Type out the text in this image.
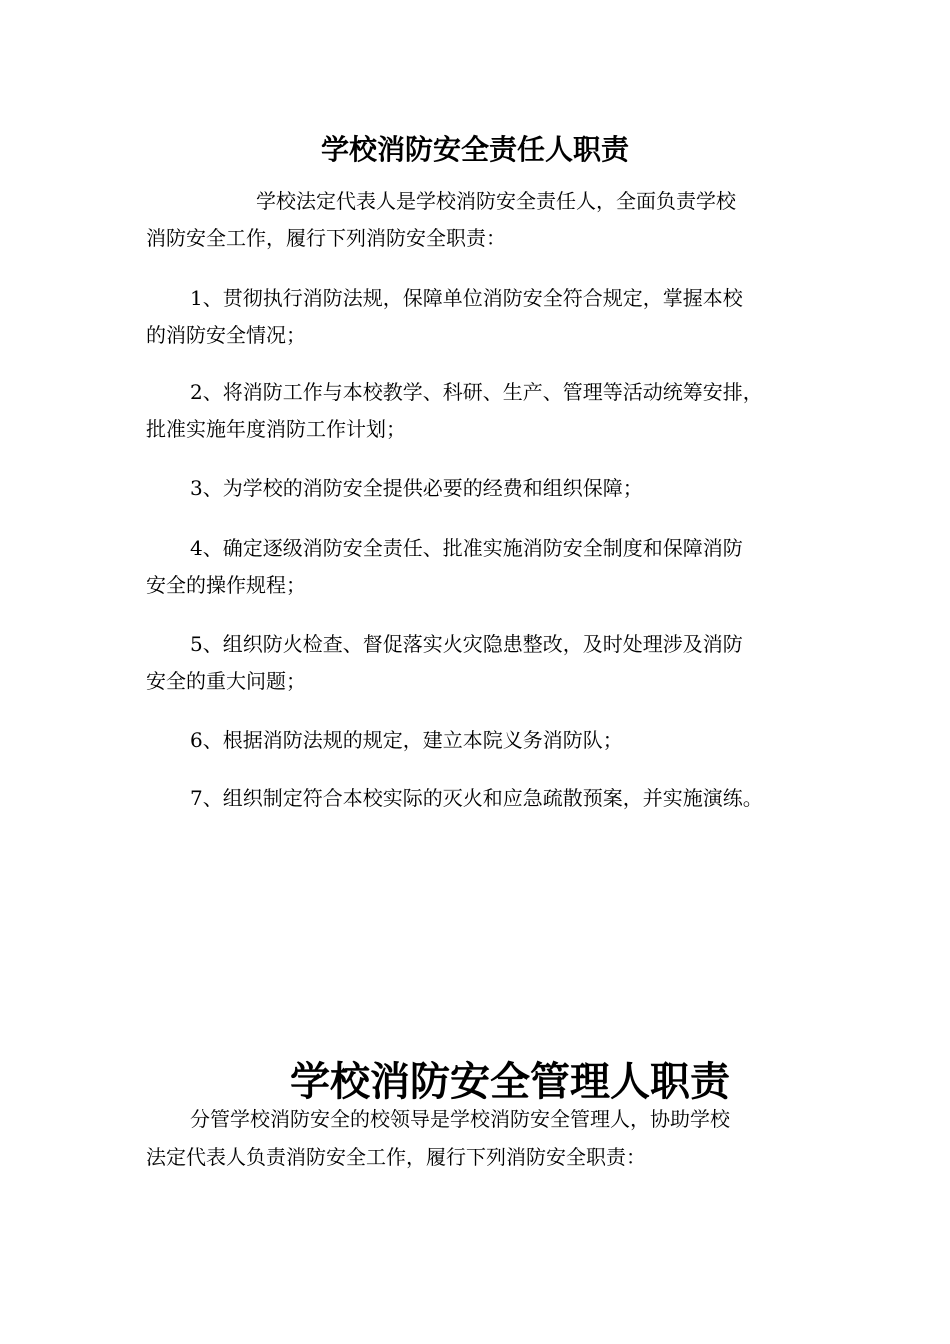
学校消防安全责任人职责

学校法定代表人是学校消防安全责任人，全面负责学校
消防安全工作，履行下列消防安全职责：

1、贯彻执行消防法规，保障单位消防安全符合规定，掌握本校
的消防安全情况；

2、将消防工作与本校教学、科研、生产、管理等活动统筹安排，
批准实施年度消防工作计划；

3、为学校的消防安全提供必要的经费和组织保障；

4、确定逐级消防安全责任、批准实施消防安全制度和保障消防
安全的操作规程；

5、组织防火检查、督促落实火灾隐患整改，及时处理涉及消防
安全的重大问题；

6、根据消防法规的规定，建立本院义务消防队；

7、组织制定符合本校实际的灭火和应急疏散预案，并实施演练。

学校消防安全管理人职责

分管学校消防安全的校领导是学校消防安全管理人，协助学校
法定代表人负责消防安全工作，履行下列消防安全职责：
